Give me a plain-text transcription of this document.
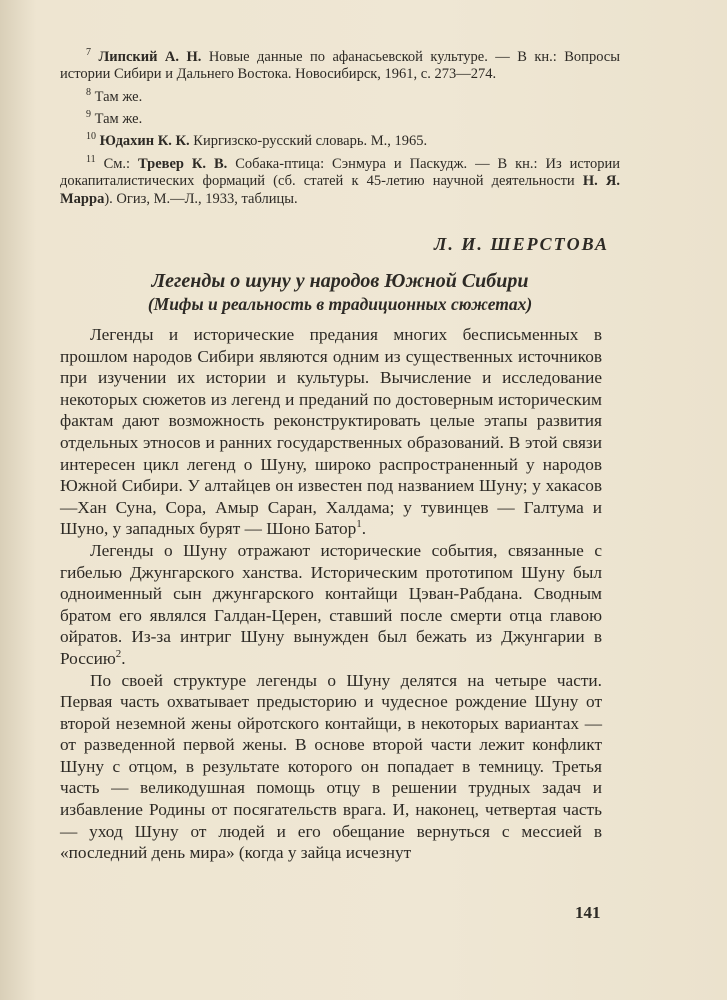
$^7$ Липский А. Н. Новые данные по афанасьевской культуре. — В кн.: Вопросы истории Сибири и Дальнего Востока. Новосибирск, 1961, с. 273—274.

$^8$ Там же.

$^9$ Там же.

$^{10}$ Юдахин К. К. Киргизско-русский словарь. М., 1965.

$^{11}$ См.: Тревер К. В. Собака-птица: Сэнмура и Паскудж. — В кн.: Из истории докапиталистических формаций (сб. статей к 45-летию научной деятельности Н. Я. Марра). Огиз, М.—Л., 1933, таблицы.

Л. И. ШЕРСТОВА
Легенды о шуну у народов Южной Сибири
(Мифы и реальность в традиционных сюжетах)

Легенды и исторические предания многих бесписьменных в прошлом народов Сибири являются одним из существенных источников при изучении их истории и культуры. Вычисление и исследование некоторых сюжетов из легенд и преданий по достоверным историческим фактам дают возможность реконструктировать целые этапы развития отдельных этносов и ранних государственных образований. В этой связи интересен цикл легенд о Шуну, широко распространенный у народов Южной Сибири. У алтайцев он известен под названием Шуну; у хакасов —Хан Суна, Сора, Амыр Саран, Халдама; у тувинцев — Галтума и Шуно, у западных бурят — Шоно Батор$^1$.

Легенды о Шуну отражают исторические события, связанные с гибелью Джунгарского ханства. Историческим прототипом Шуну был одноименный сын джунгарского контайщи Цэван-Рабдана. Сводным братом его являлся Галдан-Церен, ставший после смерти отца главою ойратов. Из-за интриг Шуну вынужден был бежать из Джунгарии в Россию$^2$.

По своей структуре легенды о Шуну делятся на четыре части. Первая часть охватывает предысторию и чудесное рождение Шуну от второй неземной жены ойротского контайщи, в некоторых вариантах — от разведенной первой жены. В основе второй части лежит конфликт Шуну с отцом, в результате которого он попадает в темницу. Третья часть — великодушная помощь отцу в решении трудных задач и избавление Родины от посягательств врага. И, наконец, четвертая часть — уход Шуну от людей и его обещание вернуться с мессией в «последний день мира» (когда у зайца исчезнут

141
